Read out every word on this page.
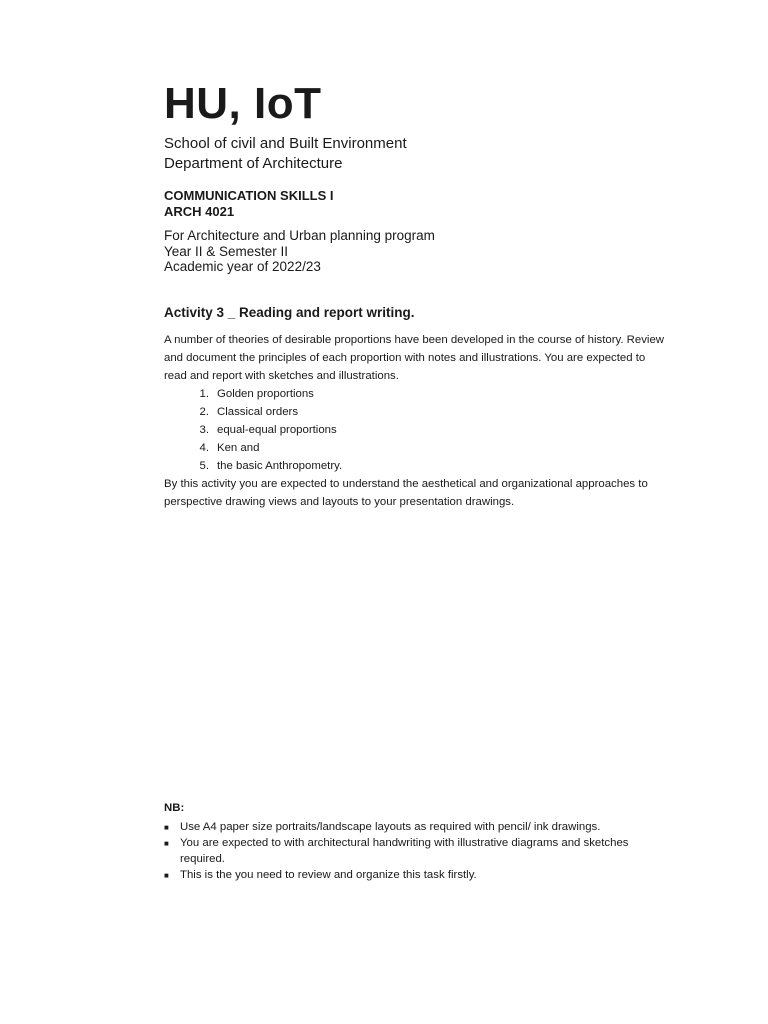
HU, IoT
School of civil and Built Environment
Department of Architecture
COMMUNICATION SKILLS I
ARCH 4021
For Architecture and Urban planning program
Year II & Semester II
Academic year of 2022/23
Activity 3 _ Reading and report writing.

A number of theories of desirable proportions have been developed in the course of history. Review and document the principles of each proportion with notes and illustrations. You are expected to read and report with sketches and illustrations.

1. Golden proportions
2. Classical orders
3. equal-equal proportions
4. Ken and
5. the basic Anthropometry.

By this activity you are expected to understand the aesthetical and organizational approaches to perspective drawing views and layouts to your presentation drawings.

NB:
■ Use A4 paper size portraits/landscape layouts as required with pencil/ ink drawings.
■ You are expected to with architectural handwriting with illustrative diagrams and sketches required.
■ This is the you need to review and organize this task firstly.
